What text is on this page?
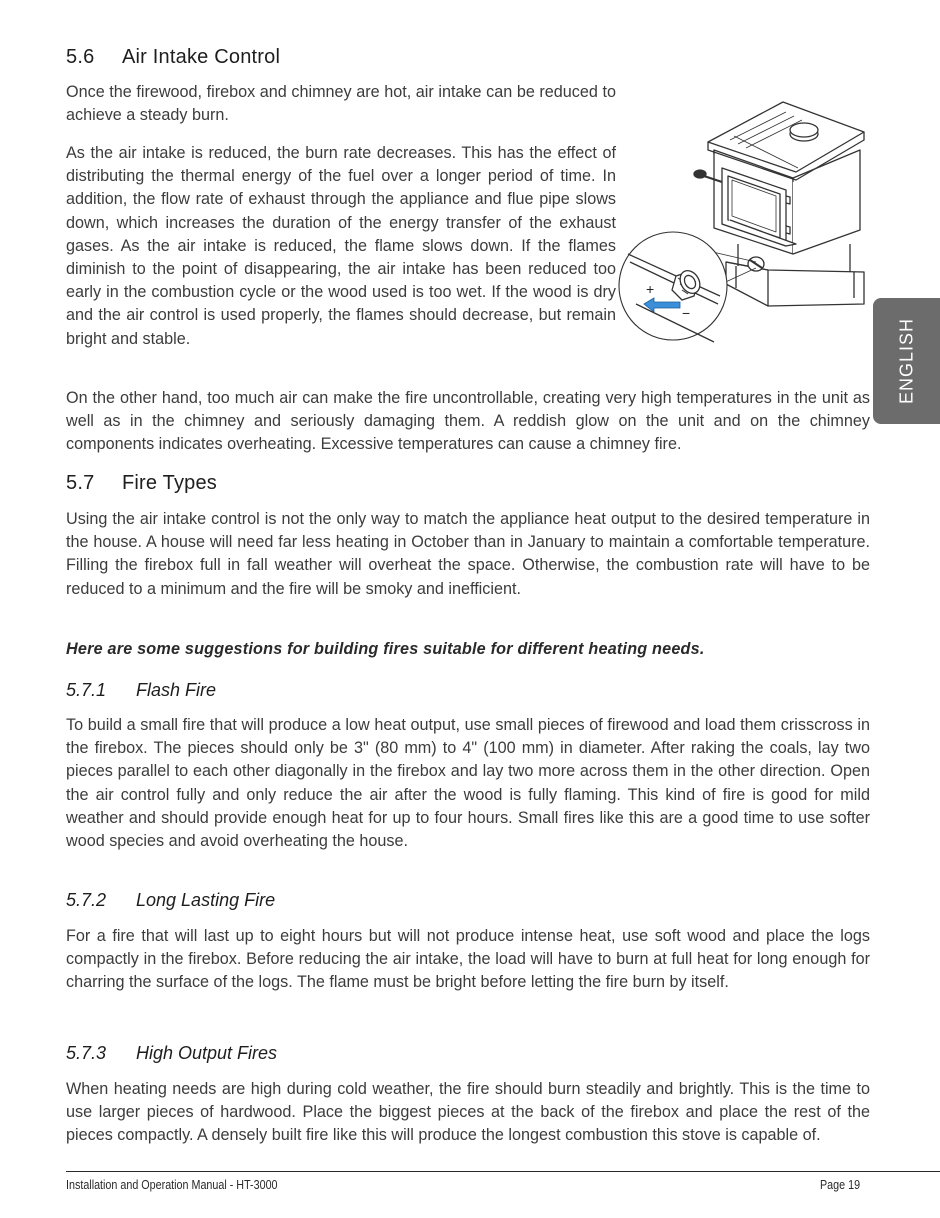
5.6 Air Intake Control

Once the firewood, firebox and chimney are hot, air intake can be reduced to achieve a steady burn.

As the air intake is reduced, the burn rate decreases. This has the effect of distributing the thermal energy of the fuel over a longer period of time. In addition, the flow rate of exhaust through the appliance and flue pipe slows down, which increases the duration of the energy transfer of the exhaust gases. As the air intake is reduced, the flame slows down. If the flames diminish to the point of disappearing, the air intake has been reduced too early in the combustion cycle or the wood used is too wet. If the wood is dry and the air control is used properly, the flames should decrease, but remain bright and stable.

On the other hand, too much air can make the fire uncontrollable, creating very high temperatures in the unit as well as in the chimney and seriously damaging them. A reddish glow on the unit and on the chimney components indicates overheating. Excessive temperatures can cause a chimney fire.

+
−
ENGLISH
5.7 Fire Types

Using the air intake control is not the only way to match the appliance heat output to the desired temperature in the house. A house will need far less heating in October than in January to maintain a comfortable temperature. Filling the firebox full in fall weather will overheat the space. Otherwise, the combustion rate will have to be reduced to a minimum and the fire will be smoky and inefficient.

Here are some suggestions for building fires suitable for different heating needs.

5.7.1 Flash Fire

To build a small fire that will produce a low heat output, use small pieces of firewood and load them crisscross in the firebox. The pieces should only be 3" (80 mm) to 4" (100 mm) in diameter. After raking the coals, lay two pieces parallel to each other diagonally in the firebox and lay two more across them in the other direction. Open the air control fully and only reduce the air after the wood is fully flaming. This kind of fire is good for mild weather and should provide enough heat for up to four hours. Small fires like this are a good time to use softer wood species and avoid overheating the house.

5.7.2 Long Lasting Fire

For a fire that will last up to eight hours but will not produce intense heat, use soft wood and place the logs compactly in the firebox. Before reducing the air intake, the load will have to burn at full heat for long enough for charring the surface of the logs. The flame must be bright before letting the fire burn by itself.

5.7.3 High Output Fires

When heating needs are high during cold weather, the fire should burn steadily and brightly. This is the time to use larger pieces of hardwood. Place the biggest pieces at the back of the firebox and place the rest of the pieces compactly. A densely built fire like this will produce the longest combustion this stove is capable of.

Installation and Operation Manual - HT-3000	Page 19
